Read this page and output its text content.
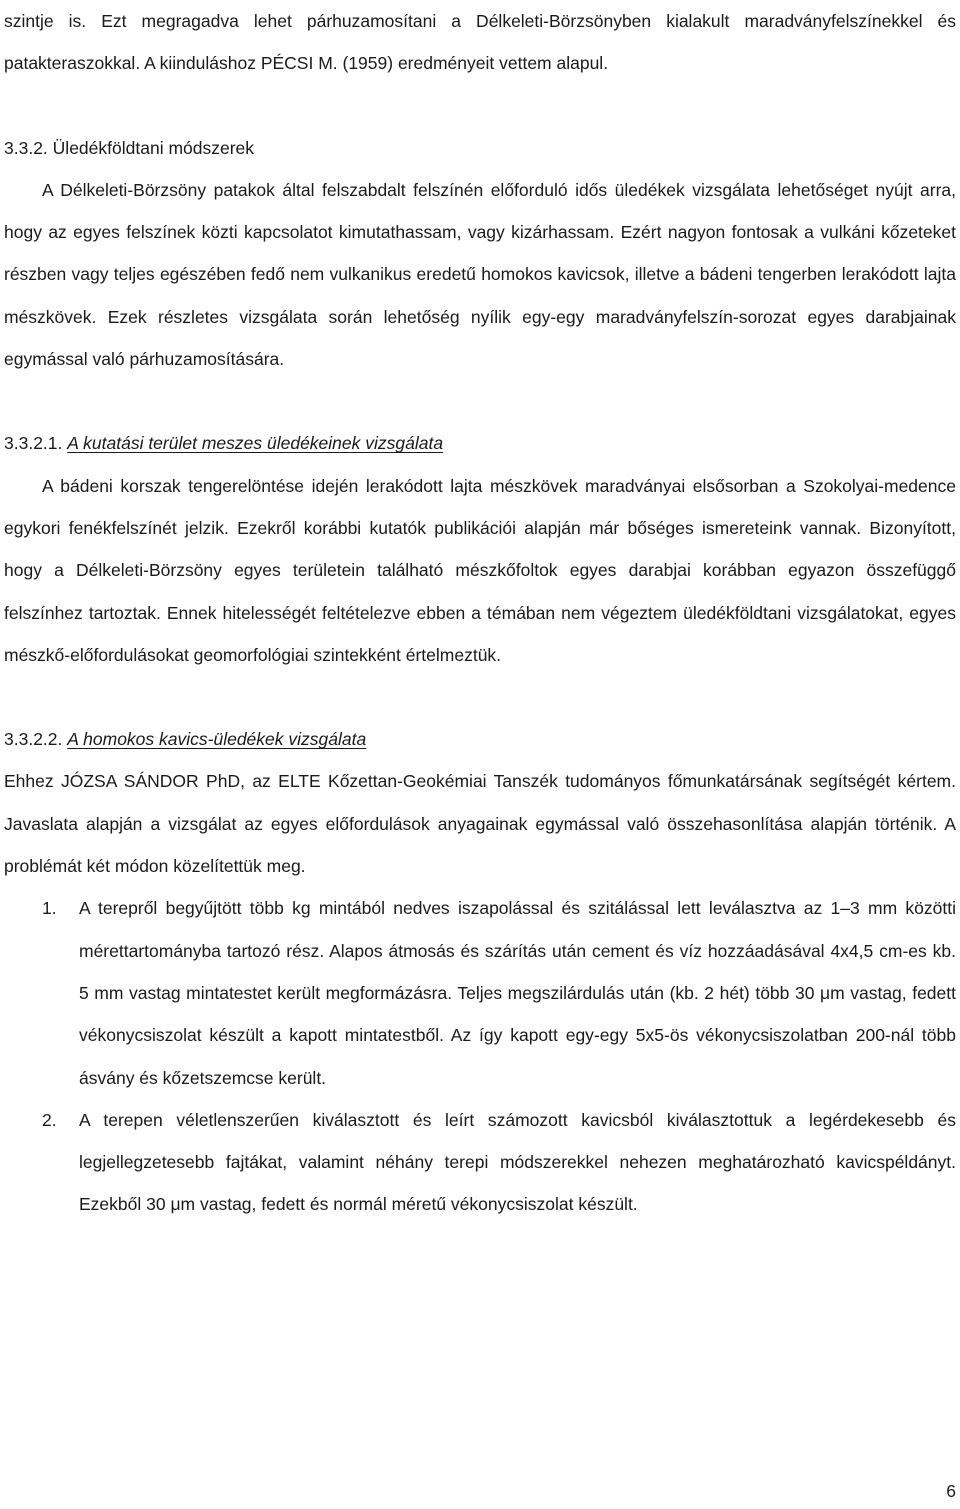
szintje is. Ezt megragadva lehet párhuzamosítani a Délkeleti-Börzsönyben kialakult maradványfelszínekkel és patakteraszokkal. A kiinduláshoz PÉCSI M. (1959) eredményeit vettem alapul.

3.3.2. Üledékföldtani módszerek

A Délkeleti-Börzsöny patakok által felszabdalt felszínén előforduló idős üledékek vizsgálata lehetőséget nyújt arra, hogy az egyes felszínek közti kapcsolatot kimutathassam, vagy kizárhassam. Ezért nagyon fontosak a vulkáni kőzeteket részben vagy teljes egészében fedő nem vulkanikus eredetű homokos kavicsok, illetve a bádeni tengerben lerakódott lajta mészkövek. Ezek részletes vizsgálata során lehetőség nyílik egy-egy maradványfelszín-sorozat egyes darabjainak egymással való párhuzamosítására.

3.3.2.1. A kutatási terület meszes üledékeinek vizsgálata

A bádeni korszak tengerelöntése idején lerakódott lajta mészkövek maradványai elsősorban a Szokolyai-medence egykori fenékfelszínét jelzik. Ezekről korábbi kutatók publikációi alapján már bőséges ismereteink vannak. Bizonyított, hogy a Délkeleti-Börzsöny egyes területein található mészkőfoltok egyes darabjai korábban egyazon összefüggő felszínhez tartoztak. Ennek hitelességét feltételezve ebben a témában nem végeztem üledékföldtani vizsgálatokat, egyes mészkő-előfordulásokat geomorfológiai szintekként értelmeztük.

3.3.2.2. A homokos kavics-üledékek vizsgálata

Ehhez JÓZSA SÁNDOR PhD, az ELTE Kőzettan-Geokémiai Tanszék tudományos főmunkatársának segítségét kértem. Javaslata alapján a vizsgálat az egyes előfordulások anyagainak egymással való összehasonlítása alapján történik. A problémát két módon közelítettük meg.

1. A terepről begyűjtött több kg mintából nedves iszapolással és szitálással lett leválasztva az 1–3 mm közötti mérettartományba tartozó rész. Alapos átmosás és szárítás után cement és víz hozzáadásával 4x4,5 cm-es kb. 5 mm vastag mintatestet került megformázásra. Teljes megszilárdulás után (kb. 2 hét) több 30 μm vastag, fedett vékonycsiszolat készült a kapott mintatestből. Az így kapott egy-egy 5x5-ös vékonycsiszolatban 200-nál több ásvány és kőzetszemcse került.
2. A terepen véletlenszerűen kiválasztott és leírt számozott kavicsból kiválasztottuk a legérdekesebb és legjellegzetesebb fajtákat, valamint néhány terepi módszerekkel nehezen meghatározható kavicspéldányt. Ezekből 30 μm vastag, fedett és normál méretű vékonycsiszolat készült.
6
